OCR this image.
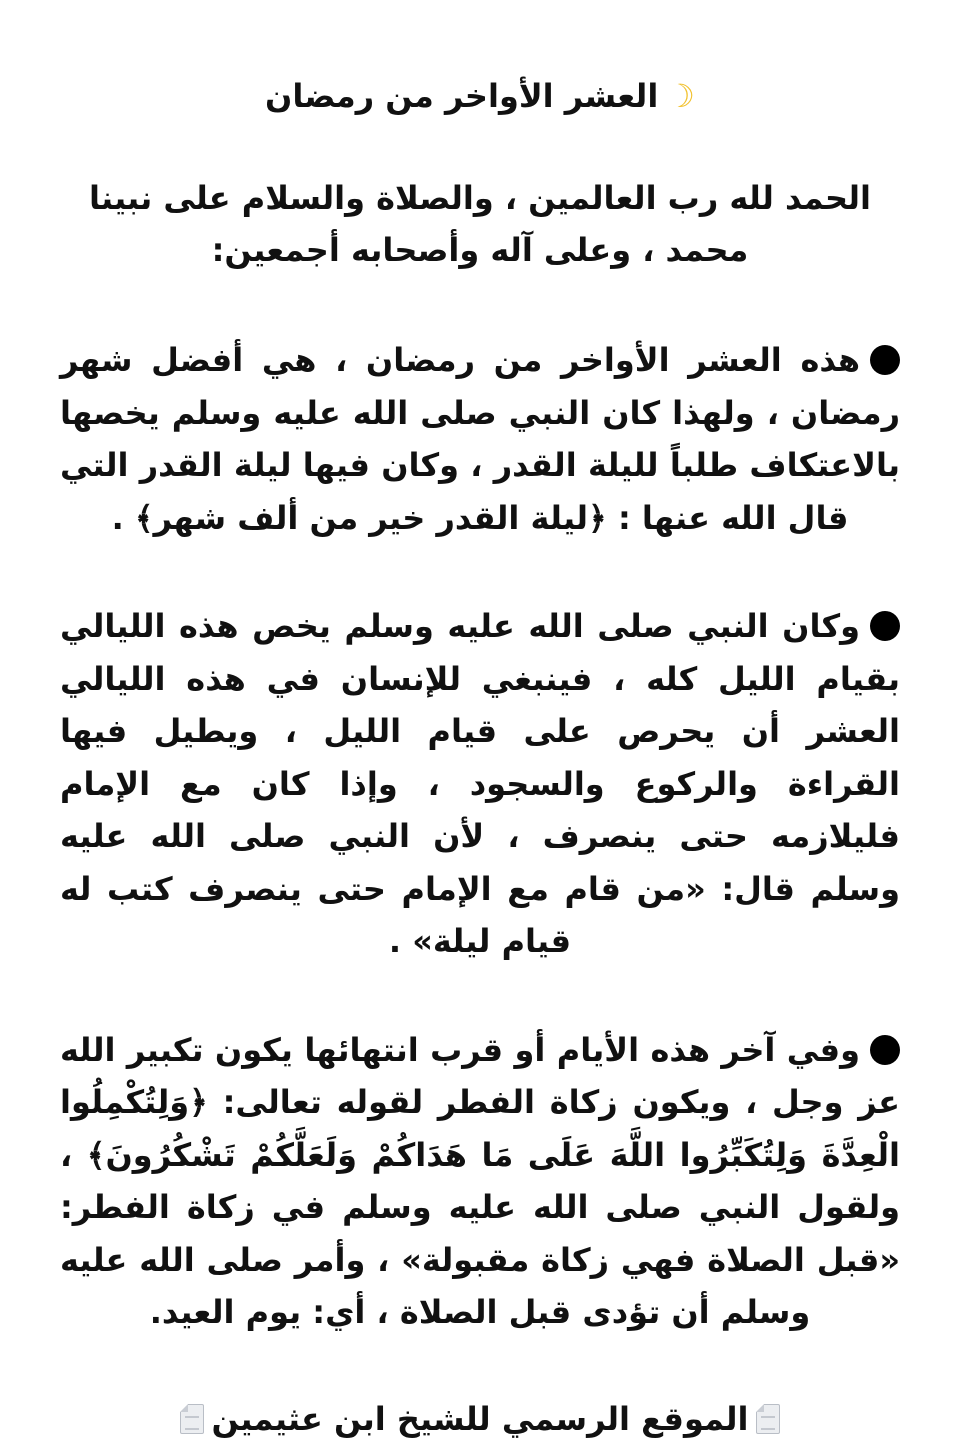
☽العشر الأواخر من رمضان

الحمد لله رب العالمين ، والصلاة والسلام على نبينا محمد ، وعلى آله وأصحابه أجمعين:

هذه العشر الأواخر من رمضان ، هي أفضل شهر رمضان ، ولهذا كان النبي صلى الله عليه وسلم يخصها بالاعتكاف طلباً لليلة القدر ، وكان فيها ليلة القدر التي قال الله عنها : ﴿ليلة القدر خير من ألف شهر﴾ .

وكان النبي صلى الله عليه وسلم يخص هذه الليالي بقيام الليل كله ، فينبغي للإنسان في هذه الليالي العشر أن يحرص على قيام الليل ، ويطيل فيها القراءة والركوع والسجود ، وإذا كان مع الإمام فليلازمه حتى ينصرف ، لأن النبي صلى الله عليه وسلم قال: «من قام مع الإمام حتى ينصرف كتب له قيام ليلة» .

وفي آخر هذه الأيام أو قرب انتهائها يكون تكبير الله عز وجل ، ويكون زكاة الفطر لقوله تعالى: ﴿وَلِتُكْمِلُوا الْعِدَّةَ وَلِتُكَبِّرُوا اللَّهَ عَلَى مَا هَدَاكُمْ وَلَعَلَّكُمْ تَشْكُرُونَ﴾ ، ولقول النبي صلى الله عليه وسلم في زكاة الفطر: «قبل الصلاة فهي زكاة مقبولة» ، وأمر صلى الله عليه وسلم أن تؤدى قبل الصلاة ، أي: يوم العيد.

الموقع الرسمي للشيخ ابن عثيمين
